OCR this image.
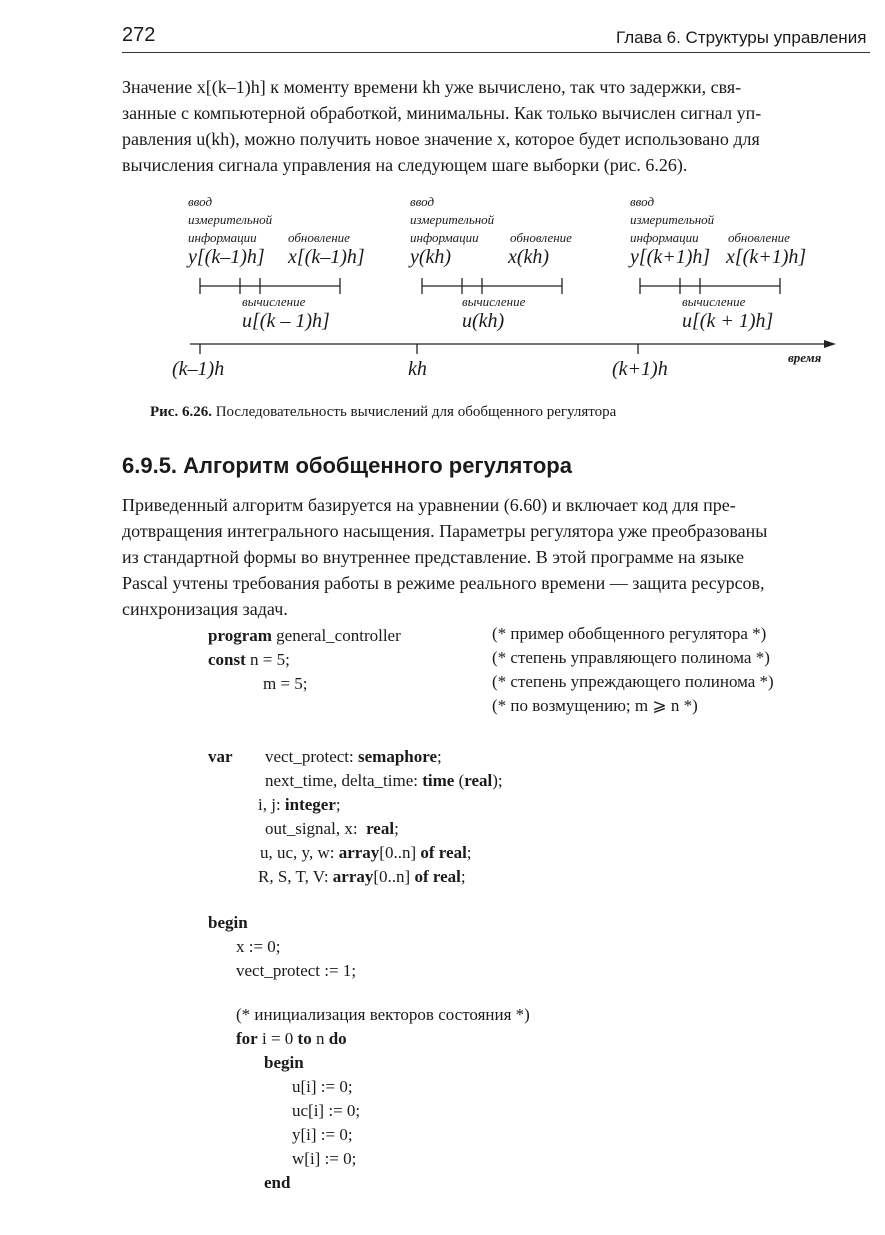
272	Глава 6. Структуры управления
Значение x[(k–1)h] к моменту времени kh уже вычислено, так что задержки, свя-
занные с компьютерной обработкой, минимальны. Как только вычислен сигнал уп-
равления u(kh), можно получить новое значение x, которое будет использовано для
вычисления сигнала управления на следующем шаге выборки (рис. 6.26).
ввод
измерительной
информации обновление
y[(k–1)h] x[(k–1)h]
вычисление
u[(k – 1)h]
(k–1)h
ввод
измерительной
информации обновление
y(kh)	x(kh)
вычисление
u(kh)
kh
ввод
измерительной
информации обновление
y[(k+1)h] x[(k+1)h]
вычисление
u[(k + 1)h]
(k+1)h
время
Рис. 6.26. Последовательность вычислений для обобщенного регулятора
6.9.5. Алгоритм обобщенного регулятора
Приведенный алгоритм базируется на уравнении (6.60) и включает код для пре-
дотвращения интегрального насыщения. Параметры регулятора уже преобразованы
из стандартной формы во внутреннее представление. В этой программе на языке
Pascal учтены требования работы в режиме реального времени — защита ресурсов,
синхронизация задач.
program general_controller
const n = 5;
m = 5;
(* пример обобщенного регулятора *)
(* степень управляющего полинома *)
(* степень упреждающего полинома *)
(* по возмущению; m ⩾ n *)
var vect_protect: semaphore;
next_time, delta_time: time (real);
i, j: integer;
out_signal, x:  real;
u, uc, y, w: array[0..n] of real;
R, S, T, V: array[0..n] of real;
begin
x := 0;
vect_protect := 1;
(* инициализация векторов состояния *)
for i = 0 to n do
begin
u[i] := 0;
uc[i] := 0;
y[i] := 0;
w[i] := 0;
end
